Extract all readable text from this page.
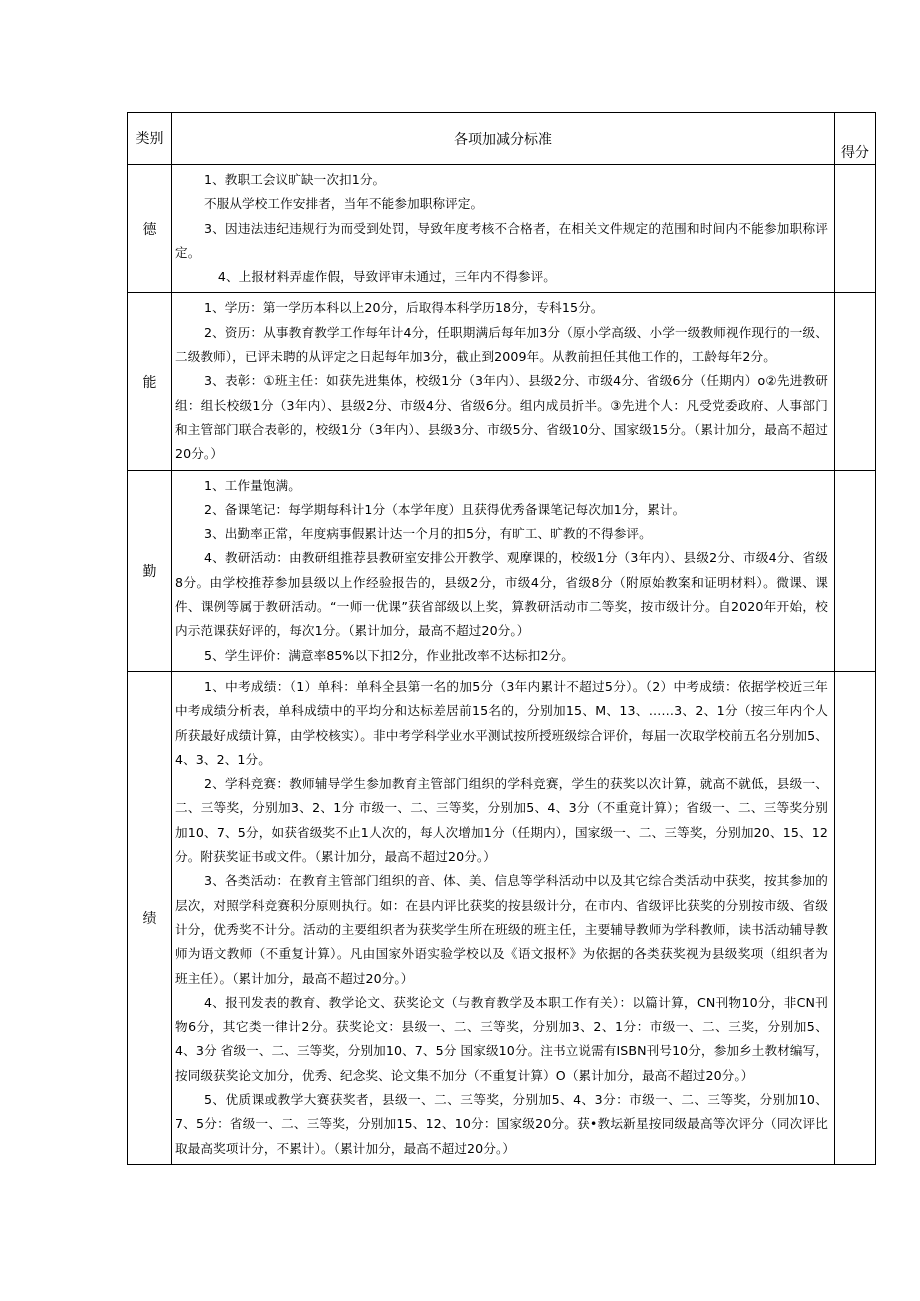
类别	各项加减分标准	得分
德	1、教职工会议旷缺一次扣1分。

不服从学校工作安排者，当年不能参加职称评定。

3、因违法违纪违规行为而受到处罚，导致年度考核不合格者，在相关文件规定的范围和时间内不能参加职称评定。

4、上报材料弄虚作假，导致评审未通过，三年内不得参评。	

能	1、学历：第一学历本科以上20分，后取得本科学历18分，专科15分。

2、资历：从事教育教学工作每年计4分，任职期满后每年加3分（原小学高级、小学一级教师视作现行的一级、二级教师），已评未聘的从评定之日起每年加3分，截止到2009年。从教前担任其他工作的，工龄每年2分。

3、表彰：①班主任：如获先进集体，校级1分（3年内）、县级2分、市级4分、省级6分（任期内）o②先进教研组：组长校级1分（3年内）、县级2分、市级4分、省级6分。组内成员折半。③先进个人：凡受党委政府、人事部门和主管部门联合表彰的，校级1分（3年内）、县级3分、市级5分、省级10分、国家级15分。（累计加分，最高不超过20分。）	

勤	1、工作量饱满。

2、备课笔记：每学期每科计1分（本学年度）且获得优秀备课笔记每次加1分，累计。

3、出勤率正常，年度病事假累计达一个月的扣5分，有旷工、旷教的不得参评。

4、教研活动：由教研组推荐县教研室安排公开教学、观摩课的，校级1分（3年内）、县级2分、市级4分、省级8分。由学校推荐参加县级以上作经验报告的，县级2分，市级4分，省级8分（附原始教案和证明材料）。微课、课件、课例等属于教研活动。“一师一优课”获省部级以上奖，算教研活动市二等奖，按市级计分。自2020年开始，校内示范课获好评的，每次1分。（累计加分，最高不超过20分。）

5、学生评价：满意率85%以下扣2分，作业批改率不达标扣2分。	

绩	1、中考成绩：（1）单科：单科全县第一名的加5分（3年内累计不超过5分）。（2）中考成绩：依据学校近三年中考成绩分析表，单科成绩中的平均分和达标差居前15名的，分别加15、M、13、……3、2、1分（按三年内个人所获最好成绩计算，由学校核实）。非中考学科学业水平测试按所授班级综合评价，每届一次取学校前五名分别加5、4、3、2、1分。

2、学科竞赛：教师辅导学生参加教育主管部门组织的学科竞赛，学生的获奖以次计算，就高不就低，县级一、二、三等奖，分别加3、2、1分 市级一、二、三等奖，分别加5、4、3分（不重竟计算）；省级一、二、三等奖分别加10、7、5分，如获省级奖不止1人次的，每人次增加1分（任期内），国家级一、二、三等奖，分别加20、15、12分。附获奖证书或文件。（累计加分，最高不超过20分。）

3、各类活动：在教育主管部门组织的音、体、美、信息等学科活动中以及其它综合类活动中获奖，按其参加的层次，对照学科竞赛积分原则执行。如：在县内评比获奖的按县级计分，在市内、省级评比获奖的分别按市级、省级计分，优秀奖不计分。活动的主要组织者为获奖学生所在班级的班主任，主要辅导教师为学科教师，读书活动辅导教师为语文教师（不重复计算）。凡由国家外语实验学校以及《语文报杯》为依据的各类获奖视为县级奖项（组织者为班主任）。（累计加分，最高不超过20分。）

4、报刊发表的教育、教学论文、获奖论文（与教育教学及本职工作有关）：以篇计算，CN刊物10分，非CN刊物6分，其它类一律计2分。获奖论文：县级一、二、三等奖，分别加3、2、1分：市级一、二、三奖，分别加5、4、3分 省级一、二、三等奖，分别加10、7、5分 国家级10分。注书立说需有ISBN刊号10分，参加乡土教材编写，按同级获奖论文加分，优秀、纪念奖、论文集不加分（不重复计算）O（累计加分，最高不超过20分。）

5、优质课或教学大赛获奖者，县级一、二、三等奖，分别加5、4、3分：市级一、二、三等奖，分别加10、7、5分：省级一、二、三等奖，分别加15、12、10分：国家级20分。获•教坛新星按同级最高等次评分（同次评比取最高奖项计分，不累计）。（累计加分，最高不超过20分。）	
